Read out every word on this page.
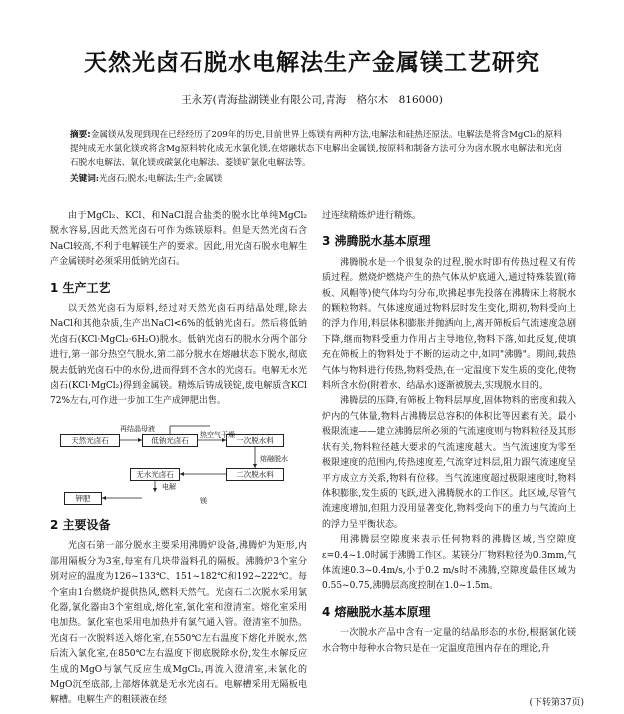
天然光卤石脱水电解法生产金属镁工艺研究
王永芳(青海盐湖镁业有限公司,青海　格尔木　816000)
摘要:金属镁从发现到现在已经经历了209年的历史,目前世界上炼镁有两种方法,电解法和硅热还原法。电解法是将含MgCl₂的原料提纯成无水氯化镁或将含Mg原料转化成无水氯化镁,在熔融状态下电解出金属镁,按原料和制备方法可分为卤水脱水电解法和光卤石脱水电解法、氧化镁或碳氯化电解法、菱镁矿氯化电解法等。
关键词:光卤石;脱水;电解法;生产;金属镁

由于MgCl₂、KCl、和NaCl混合盐类的脱水比单纯MgCl₂脱水容易,因此天然光卤石可作为炼镁原料。但是天然光卤石含NaCl较高,不利于电解镁生产的要求。因此,用光卤石脱水电解生产金属镁时必须采用低钠光卤石。

1 生产工艺

以天然光卤石为原料,经过对天然光卤石再结晶处理,除去NaCl和其他杂质,生产出NaCl<6%的低钠光卤石。然后将低钠光卤石(KCl·MgCl₂·6H₂O)脱水。低钠光卤石的脱水分两个部分进行,第一部分热空气脱水,第二部分脱水在熔融状态下脱水,彻底脱去低钠光卤石中的水份,进而得到不含水的光卤石。电解无水光卤石(KCl·MgCl₂)得到金属镁。精炼后铸成镁锭,废电解质含KCl 72%左右,可作进一步加工生产成钾肥出售。

天然光卤石	低钠光卤石	一次脱水料
二次脱水料
无水光卤石
钾肥
再结晶母液
热空气干燥
熔融脱水
电解
镁
2 主要设备

光卤石第一部分脱水主要采用沸腾炉设备,沸腾炉为矩形,内部用隔板分为3室,每室有几块带溢料孔的隔板。沸腾炉3个室分别对应的温度为126~133℃、151~182℃和192~222℃。每个室由1台燃烧炉提供热风,燃料天然气。光卤石二次脱水采用氯化器,氯化器由3个室组成,熔化室,氯化室和澄清室。熔化室采用电加热。氯化室也采用电加热并有氯气通入管。澄清室不加热。光卤石一次脱料送入熔化室,在550℃左右温度下熔化并脱水,然后流入氯化室,在850℃左右温度下彻底脱除水份,发生水解反应生成的MgO与氯气反应生成MgCl₂,再流入澄清室,未氯化的MgO沉至底部,上部熔体就是无水光卤石。电解槽采用无隔板电解槽。电解生产的粗镁液在经

过连续精炼炉进行精炼。

3 沸腾脱水基本原理

沸腾脱水是一个很复杂的过程,脱水时即有传热过程又有传质过程。燃烧炉燃烧产生的热气体从炉底通入,通过特殊装置(筛板、风帽等)使气体均匀分布,吹拂起事先投落在沸腾床上将脱水的颗粒物料。气体速度通过物料层时发生变化,期初,物料受向上的浮力作用,料层体积膨胀并抛洒向上,离开筛板后气流速度急剧下降,继而物料受重力作用占主导地位,物料下落,如此反复,使填充在筛板上的物料处于不断的运动之中,如同"沸腾"。期间,载热气体与物料进行传热,物料受热,在一定温度下发生质的变化,使物料所含水份(附着水、结晶水)逐渐被脱去,实现脱水目的。

沸腾层的压降,有筛板上物料层厚度,固体物料的密度和载入炉内的气体量,物料占沸腾层总容积的体积比等因素有关。最小极限流速——建立沸腾层所必须的气流速度则与物料粒径及其形状有关,物料粒径越大要求的气流速度越大。当气流速度为零至极限速度的范围内,传热速度差,气流穿过料层,阻力跟气流速度呈平方成立方关系,物料有位移。当气流速度超过极限速度时,物料体积膨胀,发生质的飞跃,进入沸腾脱水的工作区。此区域,尽管气流速度增加,但阻力没用显著变化,物料受向下的重力与气流向上的浮力呈平衡状态。

用沸腾层空隙度来表示任何物料的沸腾区域,当空隙度ε=0.4~1.0时属于沸腾工作区。某镁分厂物料粒径为0.3mm,气体流速0.3~0.4m/s,小于0.2 m/s时不沸腾,空隙度最佳区域为0.55~0.75,沸腾层高度控制在1.0~1.5m。

4 熔融脱水基本原理

一次脱水产品中含有一定量的结晶形态的水份,根据氯化镁水合物中每种水合物只是在一定温度范围内存在的理论,升

(下转第37页)
